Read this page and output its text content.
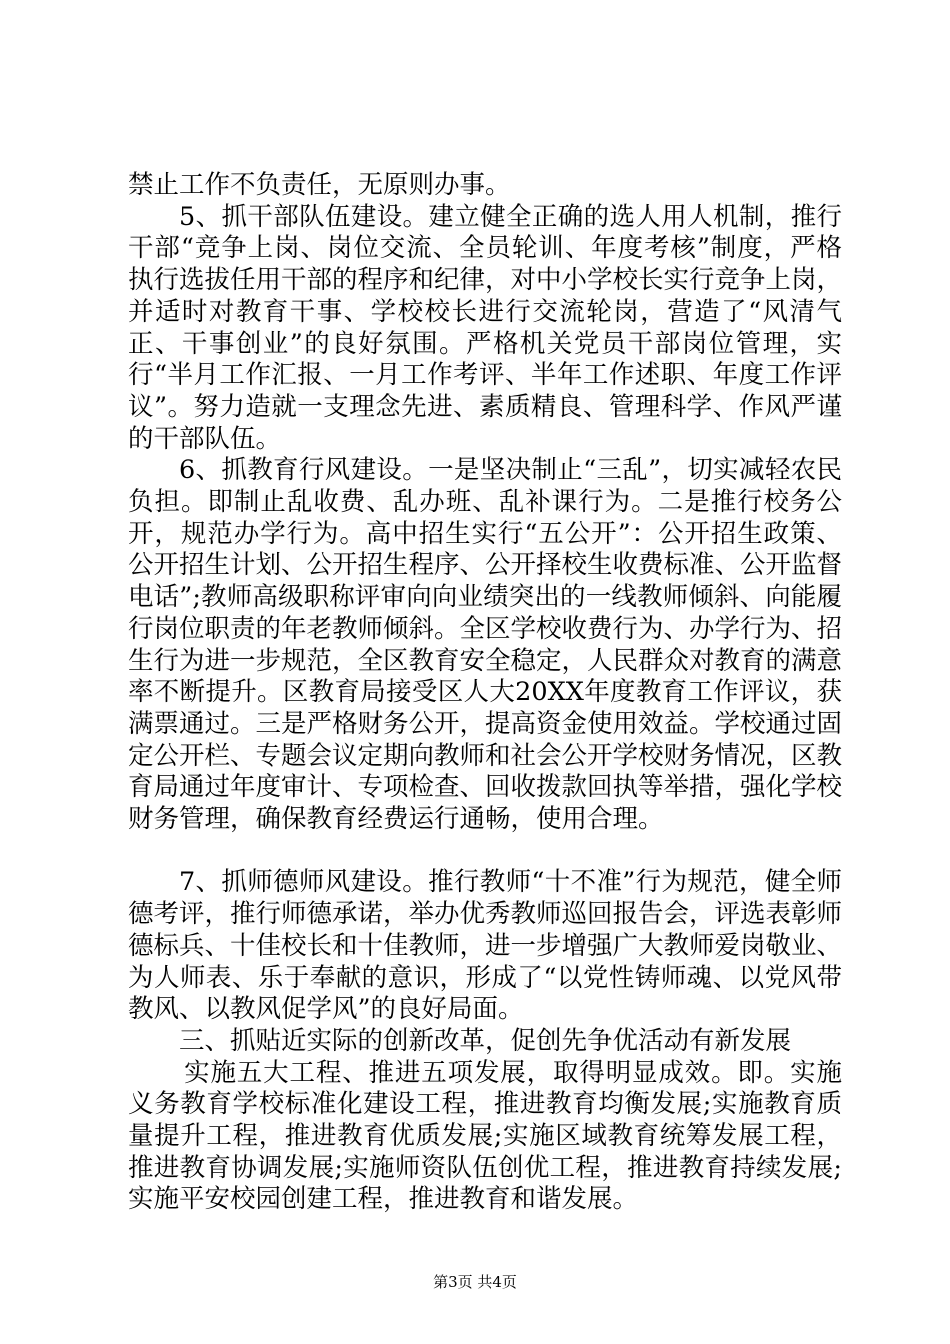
禁止工作不负责任，无原则办事。

5、抓干部队伍建设。建立健全正确的选人用人机制，推行干部“竞争上岗、岗位交流、全员轮训、年度考核”制度，严格执行选拔任用干部的程序和纪律，对中小学校长实行竞争上岗，并适时对教育干事、学校校长进行交流轮岗，营造了“风清气正、干事创业”的良好氛围。严格机关党员干部岗位管理，实行“半月工作汇报、一月工作考评、半年工作述职、年度工作评议”。努力造就一支理念先进、素质精良、管理科学、作风严谨的干部队伍。

6、抓教育行风建设。一是坚决制止“三乱”，切实减轻农民负担。即制止乱收费、乱办班、乱补课行为。二是推行校务公开，规范办学行为。高中招生实行“五公开”：公开招生政策、公开招生计划、公开招生程序、公开择校生收费标准、公开监督电话”;教师高级职称评审向向业绩突出的一线教师倾斜、向能履行岗位职责的年老教师倾斜。全区学校收费行为、办学行为、招生行为进一步规范，全区教育安全稳定，人民群众对教育的满意率不断提升。区教育局接受区人大20XX年度教育工作评议，获满票通过。三是严格财务公开，提高资金使用效益。学校通过固定公开栏、专题会议定期向教师和社会公开学校财务情况，区教育局通过年度审计、专项检查、回收拨款回执等举措，强化学校财务管理，确保教育经费运行通畅，使用合理。

7、抓师德师风建设。推行教师“十不准”行为规范，健全师德考评，推行师德承诺，举办优秀教师巡回报告会，评选表彰师德标兵、十佳校长和十佳教师，进一步增强广大教师爱岗敬业、为人师表、乐于奉献的意识，形成了“以党性铸师魂、以党风带教风、以教风促学风”的良好局面。

三、抓贴近实际的创新改革，促创先争优活动有新发展

实施五大工程、推进五项发展，取得明显成效。即。实施义务教育学校标准化建设工程，推进教育均衡发展;实施教育质量提升工程，推进教育优质发展;实施区域教育统筹发展工程，推进教育协调发展;实施师资队伍创优工程，推进教育持续发展;实施平安校园创建工程，推进教育和谐发展。

第3页 共4页
